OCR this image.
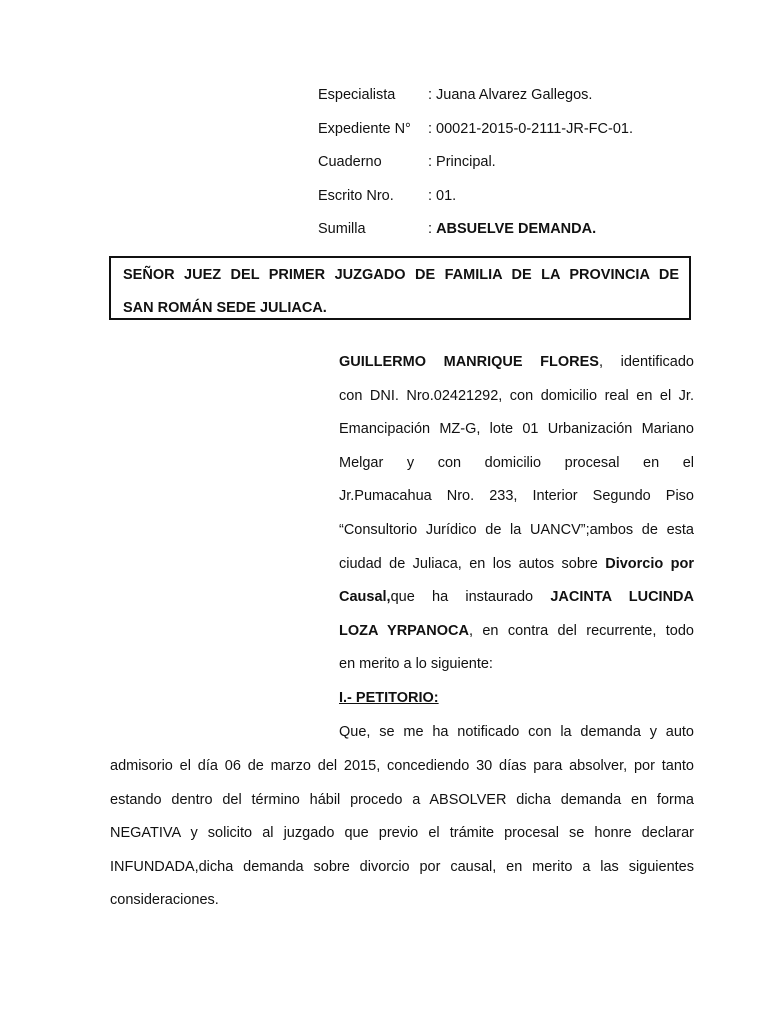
Especialista : Juana Alvarez Gallegos.
Expediente N° : 00021-2015-0-2111-JR-FC-01.
Cuaderno	: Principal.
Escrito Nro. : 01.
Sumilla	: ABSUELVE DEMANDA.
SEÑOR JUEZ DEL PRIMER JUZGADO DE FAMILIA DE LA PROVINCIA DE
SAN ROMÁN SEDE JULIACA.
GUILLERMO MANRIQUE FLORES, identificado
con DNI. Nro.02421292, con domicilio real en el Jr.
Emancipación MZ-G, lote 01 Urbanización Mariano
Melgar y con domicilio procesal en el
Jr.Pumacahua Nro. 233, Interior Segundo Piso
“Consultorio Jurídico de la UANCV”;ambos de esta
ciudad de Juliaca, en los autos sobre Divorcio por
Causal,que ha instaurado JACINTA LUCINDA
LOZA YRPANOCA, en contra del recurrente, todo
en merito a lo siguiente:
I.- PETITORIO:
Que, se me ha notificado con la demanda y auto
admisorio el día 06 de marzo del 2015, concediendo 30 días para absolver, por tanto
estando dentro del término hábil procedo a ABSOLVER dicha demanda en forma
NEGATIVA y solicito al juzgado que previo el trámite procesal se honre declarar
INFUNDADA,dicha demanda sobre divorcio por causal, en merito a las siguientes
consideraciones.
